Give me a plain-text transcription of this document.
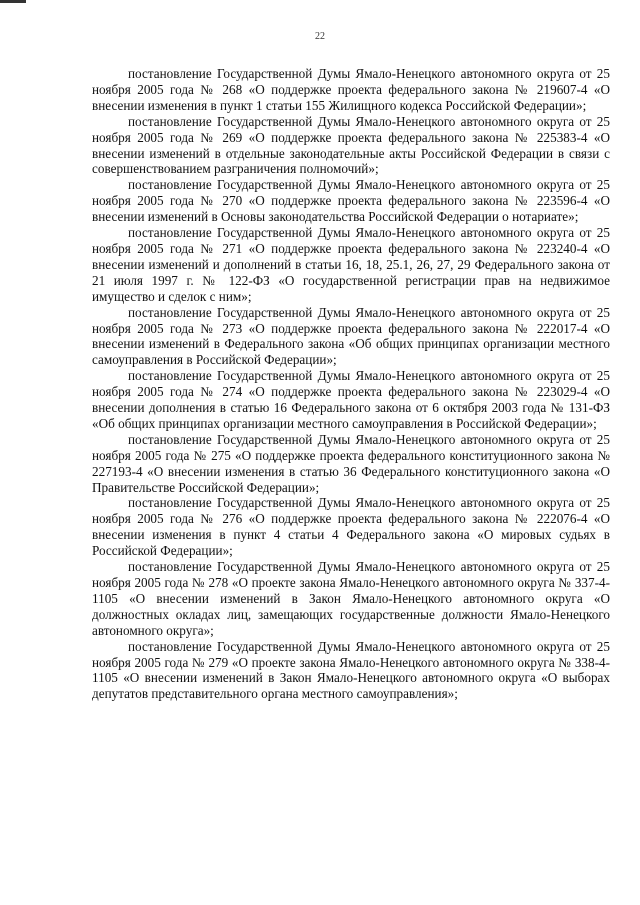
22

постановление Государственной Думы Ямало-Ненецкого автономного округа от 25 ноября 2005 года № 268 «О поддержке проекта федерального закона № 219607-4 «О внесении изменения в пункт 1 статьи 155 Жилищного кодекса Российской Федерации»;

постановление Государственной Думы Ямало-Ненецкого автономного округа от 25 ноября 2005 года № 269 «О поддержке проекта федерального закона № 225383-4 «О внесении изменений в отдельные законодательные акты Российской Федерации в связи с совершенствованием разграничения полномочий»;

постановление Государственной Думы Ямало-Ненецкого автономного округа от 25 ноября 2005 года № 270 «О поддержке проекта федерального закона № 223596-4 «О внесении изменений в Основы законодательства Российской Федерации о нотариате»;

постановление Государственной Думы Ямало-Ненецкого автономного округа от 25 ноября 2005 года № 271 «О поддержке проекта федерального закона № 223240-4 «О внесении изменений и дополнений в статьи 16, 18, 25.1, 26, 27, 29 Федерального закона от 21 июля 1997 г. № 122-ФЗ «О государственной регистрации прав на недвижимое имущество и сделок с ним»;

постановление Государственной Думы Ямало-Ненецкого автономного округа от 25 ноября 2005 года № 273 «О поддержке проекта федерального закона № 222017-4 «О внесении изменений в Федерального закона «Об общих принципах организации местного самоуправления в Российской Федерации»;

постановление Государственной Думы Ямало-Ненецкого автономного округа от 25 ноября 2005 года № 274 «О поддержке проекта федерального закона № 223029-4 «О внесении дополнения в статью 16 Федерального закона от 6 октября 2003 года № 131-ФЗ «Об общих принципах организации местного самоуправления в Российской Федерации»;

постановление Государственной Думы Ямало-Ненецкого автономного округа от 25 ноября 2005 года № 275 «О поддержке проекта федерального конституционного закона № 227193-4 «О внесении изменения в статью 36 Федерального конституционного закона «О Правительстве Российской Федерации»;

постановление Государственной Думы Ямало-Ненецкого автономного округа от 25 ноября 2005 года № 276 «О поддержке проекта федерального закона № 222076-4 «О внесении изменения в пункт 4 статьи 4 Федерального закона «О мировых судьях в Российской Федерации»;

постановление Государственной Думы Ямало-Ненецкого автономного округа от 25 ноября 2005 года № 278 «О проекте закона Ямало-Ненецкого автономного округа № 337-4-1105 «О внесении изменений в Закон Ямало-Ненецкого автономного округа «О должностных окладах лиц, замещающих государственные должности Ямало-Ненецкого автономного округа»;

постановление Государственной Думы Ямало-Ненецкого автономного округа от 25 ноября 2005 года № 279 «О проекте закона Ямало-Ненецкого автономного округа № 338-4-1105 «О внесении изменений в Закон Ямало-Ненецкого автономного округа «О выборах депутатов представительного органа местного самоуправления»;
